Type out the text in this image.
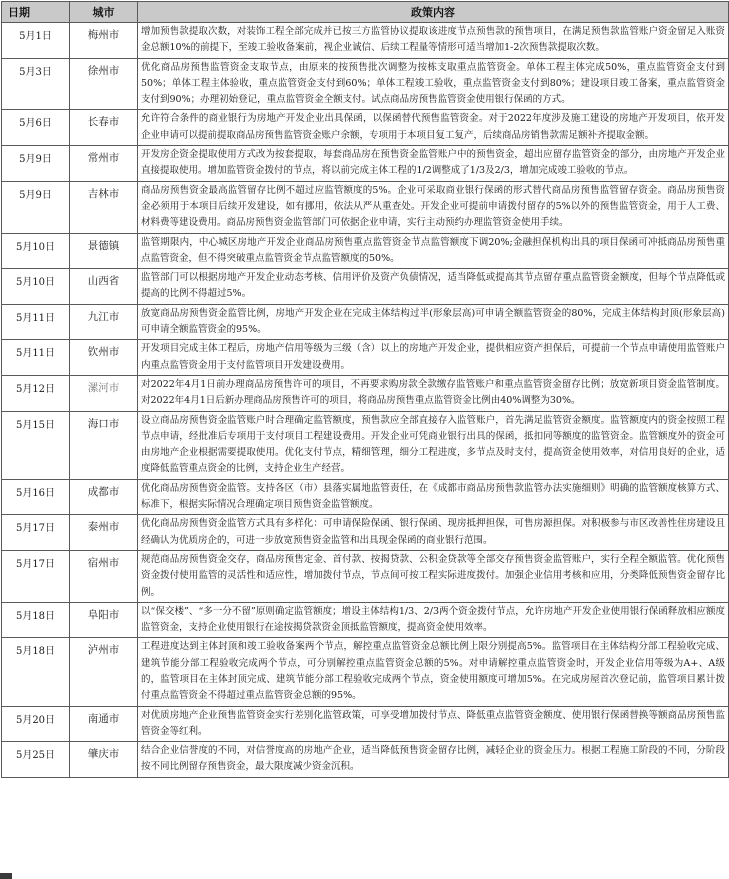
日期	城市	政策内容
5月1日	梅州市	增加预售款提取次数，对装饰工程全部完成并已按三方监管协议提取该进度节点预售款的预售项目，在满足预售款监管账户资金留足入账资金总额10%的前提下，至竣工验收备案前，视企业诚信、后续工程量等情形可适当增加1-2次预售款提取次数。
5月3日	徐州市	优化商品房预售监管资金支取节点，由原来的按预售批次调整为按栋支取重点监管资金。单体工程主体完成50%，重点监管资金支付到50%；单体工程主体验收，重点监管资金支付到60%；单体工程竣工验收，重点监管资金支付到80%；建设项目竣工备案，重点监管资金支付到90%；办理初始登记，重点监管资金全额支付。试点商品房预售监管资金使用银行保函的方式。
5月6日	长春市	允许符合条件的商业银行为房地产开发企业出具保函，以保函替代预售监管资金。对于2022年度涉及施工建设的房地产开发项目，依开发企业申请可以提前提取商品房预售监管资金账户余额，专项用于本项目复工复产，后续商品房销售款需足额补齐提取金额。
5月9日	常州市	开发房企资金提取使用方式改为按套提取，每套商品房在预售资金监管账户中的预售资金，超出应留存监管资金的部分，由房地产开发企业直接提取使用。增加监管资金拨付的节点，将以前完成主体工程的1/2调整成了1/3及2/3，增加完成竣工验收的节点。
5月9日	吉林市	商品房预售资金最高监管留存比例不超过应监管额度的5%。企业可采取商业银行保函的形式替代商品房预售监管留存资金。商品房预售资金必须用于本项目后续开发建设，如有挪用，依法从严从重查处。开发企业可提前申请拨付留存的5%以外的预售监管资金，用于人工费、材料费等建设费用。商品房预售资金监管部门可依据企业申请，实行主动预约办理监管资金使用手续。
5月10日	景德镇	监管期限内，中心城区房地产开发企业商品房预售重点监管资金节点监管额度下调20%;金融担保机构出具的项目保函可冲抵商品房预售重点监管资金，但不得突破重点监管资金节点监管额度的50%。
5月10日	山西省	监管部门可以根据房地产开发企业动态考核、信用评价及资产负债情况，适当降低或提高其节点留存重点监管资金额度，但每个节点降低或提高的比例不得超过5%。
5月11日	九江市	放宽商品房预售资金监管比例，房地产开发企业在完成主体结构过半(形象层高)可申请全额监管资金的80%，完成主体结构封顶(形象层高)可申请全额监管资金的95%。
5月11日	钦州市	开发项目完成主体工程后，房地产信用等级为三级（含）以上的房地产开发企业，提供相应资产担保后，可提前一个节点申请使用监管账户内重点监管资金用于支付监管项目开发建设费用。
5月12日	漯河市	对2022年4月1日前办理商品房预售许可的项目，不再要求购房款全款缴存监管账户和重点监管资金留存比例；放宽新项目资金监管制度。对2022年4月1日后新办理商品房预售许可的项目，将商品房预售重点监管资金比例由40%调整为30%。
5月15日	海口市	设立商品房预售资金监管账户时合理确定监管额度，预售款应全部直接存入监管账户，首先满足监管资金额度。监管额度内的资金按照工程节点申请，经批准后专项用于支付项目工程建设费用。开发企业可凭商业银行出具的保函，抵扣同等额度的监管资金。监管额度外的资金可由房地产企业根据需要提取使用。优化支付节点，精细管理，细分工程进度，多节点及时支付，提高资金使用效率，对信用良好的企业，适度降低监管重点资金的比例，支持企业生产经营。
5月16日	成都市	优化商品房预售资金监管。支持各区（市）县落实属地监管责任，在《成都市商品房预售款监管办法实施细则》明确的监管额度核算方式、标准下，根据实际情况合理确定项目预售资金监管额度。
5月17日	泰州市	优化商品房预售资金监管方式具有多样化：可申请保险保函、银行保函、现房抵押担保，可售房源担保。对积极参与市区改善性住房建设且经确认为优质房企的，可进一步放宽预售资金监管和出具现金保函的商业银行范围。
5月17日	宿州市	规范商品房预售资金交存，商品房预售定金、首付款、按揭贷款、公积金贷款等全部交存预售资金监管账户，实行全程全额监管。优化预售资金拨付使用监管的灵活性和适应性，增加拨付节点，节点间可按工程实际进度拨付。加强企业信用考核和应用，分类降低预售资金留存比例。
5月18日	阜阳市	以“保交楼”、“多一分不留”原则确定监管额度；增设主体结构1/3、2/3两个资金拨付节点，允许房地产开发企业使用银行保函释放相应额度监管资金，支持企业使用银行在途按揭贷款资金顶抵监管额度，提高资金使用效率。
5月18日	泸州市	工程进度达到主体封顶和竣工验收备案两个节点，解控重点监管资金总额比例上限分别提高5%。监管项目在主体结构分部工程验收完成、建筑节能分部工程验收完成两个节点，可分别解控重点监管资金总额的5%。对申请解控重点监管资金时，开发企业信用等级为A+、A级的，监管项目在主体封顶完成、建筑节能分部工程验收完成两个节点，资金使用额度可增加5%。在完成房屋首次登记前，监管项目累计拨付重点监管资金不得超过重点监管资金总额的95%。
5月20日	南通市	对优质房地产企业预售监管资金实行差别化监管政策，可享受增加拨付节点、降低重点监管资金额度、使用银行保函替换等额商品房预售监管资金等红利。
5月25日	肇庆市	结合企业信誉度的不同，对信誉度高的房地产企业，适当降低预售资金留存比例，减轻企业的资金压力。根据工程施工阶段的不同，分阶段按不同比例留存预售资金，最大限度减少资金沉积。
